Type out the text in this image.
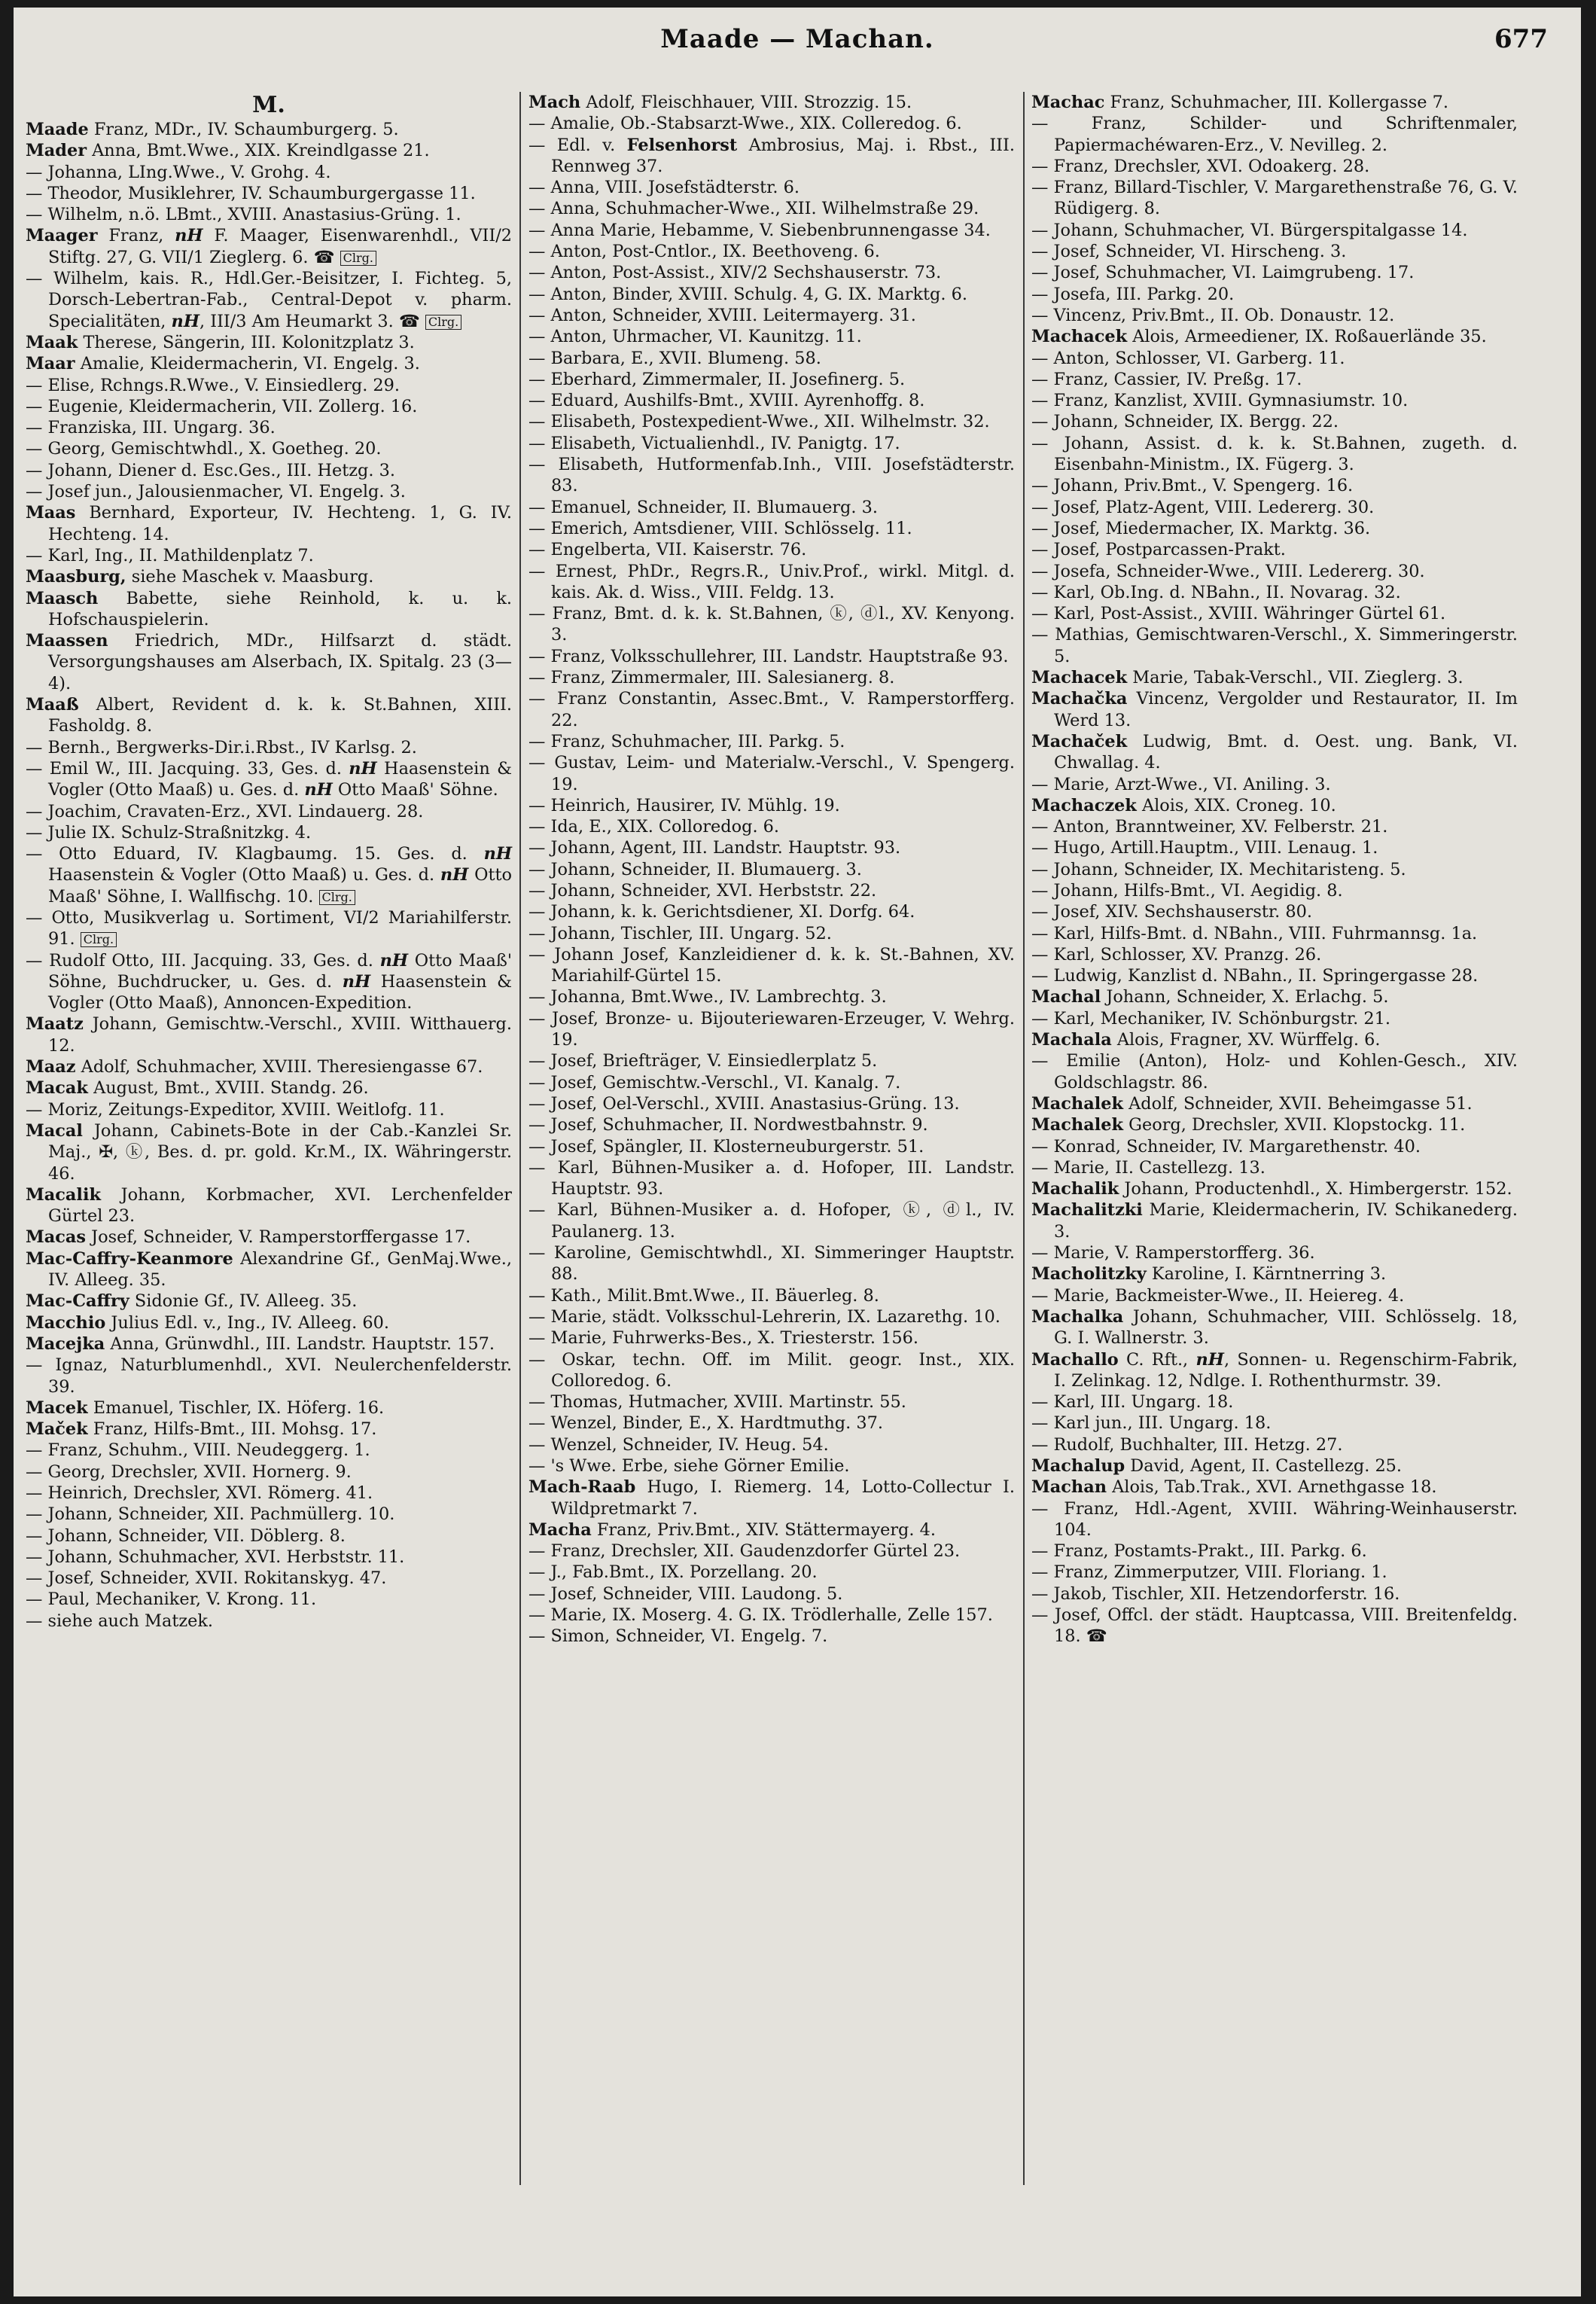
Maade — Machan.	677

M.

Maade Franz, MDr., IV. Schaumburgerg. 5.

Mader Anna, Bmt.Wwe., XIX. Kreindlgasse 21.

— Johanna, LIng.Wwe., V. Grohg. 4.

— Theodor, Musiklehrer, IV. Schaumburgergasse 11.

— Wilhelm, n.ö. LBmt., XVIII. Anastasius-Grüng. 1.

Maager Franz, nH F. Maager, Eisenwarenhdl., VII/2 Stiftg. 27, G. VII/1 Zieglerg. 6. ☎ Clrg.

— Wilhelm, kais. R., Hdl.Ger.-Beisitzer, I. Fichteg. 5, Dorsch-Lebertran-Fab., Central-Depot v. pharm. Specialitäten, nH, III/3 Am Heumarkt 3. ☎ Clrg.

Maak Therese, Sängerin, III. Kolonitzplatz 3.

Maar Amalie, Kleidermacherin, VI. Engelg. 3.

— Elise, Rchngs.R.Wwe., V. Einsiedlerg. 29.

— Eugenie, Kleidermacherin, VII. Zollerg. 16.

— Franziska, III. Ungarg. 36.

— Georg, Gemischtwhdl., X. Goetheg. 20.

— Johann, Diener d. Esc.Ges., III. Hetzg. 3.

— Josef jun., Jalousienmacher, VI. Engelg. 3.

Maas Bernhard, Exporteur, IV. Hechteng. 1, G. IV. Hechteng. 14.

— Karl, Ing., II. Mathildenplatz 7.

Maasburg, siehe Maschek v. Maasburg.

Maasch Babette, siehe Reinhold, k. u. k. Hofschauspielerin.

Maassen Friedrich, MDr., Hilfsarzt d. städt. Versorgungshauses am Alserbach, IX. Spitalg. 23 (3—4).

Maaß Albert, Revident d. k. k. St.Bahnen, XIII. Fasholdg. 8.

— Bernh., Bergwerks-Dir.i.Rbst., IV Karlsg. 2.

— Emil W., III. Jacquing. 33, Ges. d. nH Haasenstein & Vogler (Otto Maaß) u. Ges. d. nH Otto Maaß' Söhne.

— Joachim, Cravaten-Erz., XVI. Lindauerg. 28.

— Julie IX. Schulz-Straßnitzkg. 4.

— Otto Eduard, IV. Klagbaumg. 15. Ges. d. nH Haasenstein & Vogler (Otto Maaß) u. Ges. d. nH Otto Maaß' Söhne, I. Wallfischg. 10. Clrg.

— Otto, Musikverlag u. Sortiment, VI/2 Mariahilferstr. 91. Clrg.

— Rudolf Otto, III. Jacquing. 33, Ges. d. nH Otto Maaß' Söhne, Buchdrucker, u. Ges. d. nH Haasenstein & Vogler (Otto Maaß), Annoncen-Expedition.

Maatz Johann, Gemischtw.-Verschl., XVIII. Witthauerg. 12.

Maaz Adolf, Schuhmacher, XVIII. Theresiengasse 67.

Macak August, Bmt., XVIII. Standg. 26.

— Moriz, Zeitungs-Expeditor, XVIII. Weitlofg. 11.

Macal Johann, Cabinets-Bote in der Cab.-Kanzlei Sr. Maj., ✠, ⓚ, Bes. d. pr. gold. Kr.M., IX. Währingerstr. 46.

Macalik Johann, Korbmacher, XVI. Lerchenfelder Gürtel 23.

Macas Josef, Schneider, V. Ramperstorffergasse 17.

Mac-Caffry-Keanmore Alexandrine Gf., GenMaj.Wwe., IV. Alleeg. 35.

Mac-Caffry Sidonie Gf., IV. Alleeg. 35.

Macchio Julius Edl. v., Ing., IV. Alleeg. 60.

Macejka Anna, Grünwdhl., III. Landstr. Hauptstr. 157.

— Ignaz, Naturblumenhdl., XVI. Neulerchenfelderstr. 39.

Macek Emanuel, Tischler, IX. Höferg. 16.

Maček Franz, Hilfs-Bmt., III. Mohsg. 17.

— Franz, Schuhm., VIII. Neudeggerg. 1.

— Georg, Drechsler, XVII. Hornerg. 9.

— Heinrich, Drechsler, XVI. Römerg. 41.

— Johann, Schneider, XII. Pachmüllerg. 10.

— Johann, Schneider, VII. Döblerg. 8.

— Johann, Schuhmacher, XVI. Herbststr. 11.

— Josef, Schneider, XVII. Rokitanskyg. 47.

— Paul, Mechaniker, V. Krong. 11.

— siehe auch Matzek.

Mach Adolf, Fleischhauer, VIII. Strozzig. 15.

— Amalie, Ob.-Stabsarzt-Wwe., XIX. Colleredog. 6.

— Edl. v. Felsenhorst Ambrosius, Maj. i. Rbst., III. Rennweg 37.

— Anna, VIII. Josefstädterstr. 6.

— Anna, Schuhmacher-Wwe., XII. Wilhelmstraße 29.

— Anna Marie, Hebamme, V. Siebenbrunnengasse 34.

— Anton, Post-Cntlor., IX. Beethoveng. 6.

— Anton, Post-Assist., XIV/2 Sechshauserstr. 73.

— Anton, Binder, XVIII. Schulg. 4, G. IX. Marktg. 6.

— Anton, Schneider, XVIII. Leitermayerg. 31.

— Anton, Uhrmacher, VI. Kaunitzg. 11.

— Barbara, E., XVII. Blumeng. 58.

— Eberhard, Zimmermaler, II. Josefinerg. 5.

— Eduard, Aushilfs-Bmt., XVIII. Ayrenhoffg. 8.

— Elisabeth, Postexpedient-Wwe., XII. Wilhelmstr. 32.

— Elisabeth, Victualienhdl., IV. Panigtg. 17.

— Elisabeth, Hutformenfab.Inh., VIII. Josefstädterstr. 83.

— Emanuel, Schneider, II. Blumauerg. 3.

— Emerich, Amtsdiener, VIII. Schlösselg. 11.

— Engelberta, VII. Kaiserstr. 76.

— Ernest, PhDr., Regrs.R., Univ.Prof., wirkl. Mitgl. d. kais. Ak. d. Wiss., VIII. Feldg. 13.

— Franz, Bmt. d. k. k. St.Bahnen, ⓚ, ⓓl., XV. Kenyong. 3.

— Franz, Volksschullehrer, III. Landstr. Hauptstraße 93.

— Franz, Zimmermaler, III. Salesianerg. 8.

— Franz Constantin, Assec.Bmt., V. Ramperstorfferg. 22.

— Franz, Schuhmacher, III. Parkg. 5.

— Gustav, Leim- und Materialw.-Verschl., V. Spengerg. 19.

— Heinrich, Hausirer, IV. Mühlg. 19.

— Ida, E., XIX. Colloredog. 6.

— Johann, Agent, III. Landstr. Hauptstr. 93.

— Johann, Schneider, II. Blumauerg. 3.

— Johann, Schneider, XVI. Herbststr. 22.

— Johann, k. k. Gerichtsdiener, XI. Dorfg. 64.

— Johann, Tischler, III. Ungarg. 52.

— Johann Josef, Kanzleidiener d. k. k. St.-Bahnen, XV. Mariahilf-Gürtel 15.

— Johanna, Bmt.Wwe., IV. Lambrechtg. 3.

— Josef, Bronze- u. Bijouteriewaren-Erzeuger, V. Wehrg. 19.

— Josef, Briefträger, V. Einsiedlerplatz 5.

— Josef, Gemischtw.-Verschl., VI. Kanalg. 7.

— Josef, Oel-Verschl., XVIII. Anastasius-Grüng. 13.

— Josef, Schuhmacher, II. Nordwestbahnstr. 9.

— Josef, Spängler, II. Klosterneuburgerstr. 51.

— Karl, Bühnen-Musiker a. d. Hofoper, III. Landstr. Hauptstr. 93.

— Karl, Bühnen-Musiker a. d. Hofoper, ⓚ, ⓓl., IV. Paulanerg. 13.

— Karoline, Gemischtwhdl., XI. Simmeringer Hauptstr. 88.

— Kath., Milit.Bmt.Wwe., II. Bäuerleg. 8.

— Marie, städt. Volksschul-Lehrerin, IX. Lazarethg. 10.

— Marie, Fuhrwerks-Bes., X. Triesterstr. 156.

— Oskar, techn. Off. im Milit. geogr. Inst., XIX. Colloredog. 6.

— Thomas, Hutmacher, XVIII. Martinstr. 55.

— Wenzel, Binder, E., X. Hardtmuthg. 37.

— Wenzel, Schneider, IV. Heug. 54.

— 's Wwe. Erbe, siehe Görner Emilie.

Mach-Raab Hugo, I. Riemerg. 14, Lotto-Collectur I. Wildpretmarkt 7.

Macha Franz, Priv.Bmt., XIV. Stättermayerg. 4.

— Franz, Drechsler, XII. Gaudenzdorfer Gürtel 23.

— J., Fab.Bmt., IX. Porzellang. 20.

— Josef, Schneider, VIII. Laudong. 5.

— Marie, IX. Moserg. 4. G. IX. Trödlerhalle, Zelle 157.

— Simon, Schneider, VI. Engelg. 7.

Machac Franz, Schuhmacher, III. Kollergasse 7.

— Franz, Schilder- und Schriftenmaler, Papiermachéwaren-Erz., V. Nevilleg. 2.

— Franz, Drechsler, XVI. Odoakerg. 28.

— Franz, Billard-Tischler, V. Margarethenstraße 76, G. V. Rüdigerg. 8.

— Johann, Schuhmacher, VI. Bürgerspitalgasse 14.

— Josef, Schneider, VI. Hirscheng. 3.

— Josef, Schuhmacher, VI. Laimgrubeng. 17.

— Josefa, III. Parkg. 20.

— Vincenz, Priv.Bmt., II. Ob. Donaustr. 12.

Machacek Alois, Armeediener, IX. Roßauerlände 35.

— Anton, Schlosser, VI. Garberg. 11.

— Franz, Cassier, IV. Preßg. 17.

— Franz, Kanzlist, XVIII. Gymnasiumstr. 10.

— Johann, Schneider, IX. Bergg. 22.

— Johann, Assist. d. k. k. St.Bahnen, zugeth. d. Eisenbahn-Ministm., IX. Fügerg. 3.

— Johann, Priv.Bmt., V. Spengerg. 16.

— Josef, Platz-Agent, VIII. Ledererg. 30.

— Josef, Miedermacher, IX. Marktg. 36.

— Josef, Postparcassen-Prakt.

— Josefa, Schneider-Wwe., VIII. Ledererg. 30.

— Karl, Ob.Ing. d. NBahn., II. Novarag. 32.

— Karl, Post-Assist., XVIII. Währinger Gürtel 61.

— Mathias, Gemischtwaren-Verschl., X. Simmeringerstr. 5.

Machacek Marie, Tabak-Verschl., VII. Zieglerg. 3.

Machačka Vincenz, Vergolder und Restaurator, II. Im Werd 13.

Machaček Ludwig, Bmt. d. Oest. ung. Bank, VI. Chwallag. 4.

— Marie, Arzt-Wwe., VI. Aniling. 3.

Machaczek Alois, XIX. Croneg. 10.

— Anton, Branntweiner, XV. Felberstr. 21.

— Hugo, Artill.Hauptm., VIII. Lenaug. 1.

— Johann, Schneider, IX. Mechitaristeng. 5.

— Johann, Hilfs-Bmt., VI. Aegidig. 8.

— Josef, XIV. Sechshauserstr. 80.

— Karl, Hilfs-Bmt. d. NBahn., VIII. Fuhrmannsg. 1a.

— Karl, Schlosser, XV. Pranzg. 26.

— Ludwig, Kanzlist d. NBahn., II. Springergasse 28.

Machal Johann, Schneider, X. Erlachg. 5.

— Karl, Mechaniker, IV. Schönburgstr. 21.

Machala Alois, Fragner, XV. Würffelg. 6.

— Emilie (Anton), Holz- und Kohlen-Gesch., XIV. Goldschlagstr. 86.

Machalek Adolf, Schneider, XVII. Beheimgasse 51.

Machalek Georg, Drechsler, XVII. Klopstockg. 11.

— Konrad, Schneider, IV. Margarethenstr. 40.

— Marie, II. Castellezg. 13.

Machalik Johann, Productenhdl., X. Himbergerstr. 152.

Machalitzki Marie, Kleidermacherin, IV. Schikanederg. 3.

— Marie, V. Ramperstorfferg. 36.

Macholitzky Karoline, I. Kärntnerring 3.

— Marie, Backmeister-Wwe., II. Heiereg. 4.

Machalka Johann, Schuhmacher, VIII. Schlösselg. 18, G. I. Wallnerstr. 3.

Machallo C. Rft., nH, Sonnen- u. Regenschirm-Fabrik, I. Zelinkag. 12, Ndlge. I. Rothenthurmstr. 39.

— Karl, III. Ungarg. 18.

— Karl jun., III. Ungarg. 18.

— Rudolf, Buchhalter, III. Hetzg. 27.

Machalup David, Agent, II. Castellezg. 25.

Machan Alois, Tab.Trak., XVI. Arnethgasse 18.

— Franz, Hdl.-Agent, XVIII. Währing-Weinhauserstr. 104.

— Franz, Postamts-Prakt., III. Parkg. 6.

— Franz, Zimmerputzer, VIII. Floriang. 1.

— Jakob, Tischler, XII. Hetzendorferstr. 16.

— Josef, Offcl. der städt. Hauptcassa, VIII. Breitenfeldg. 18. ☎
